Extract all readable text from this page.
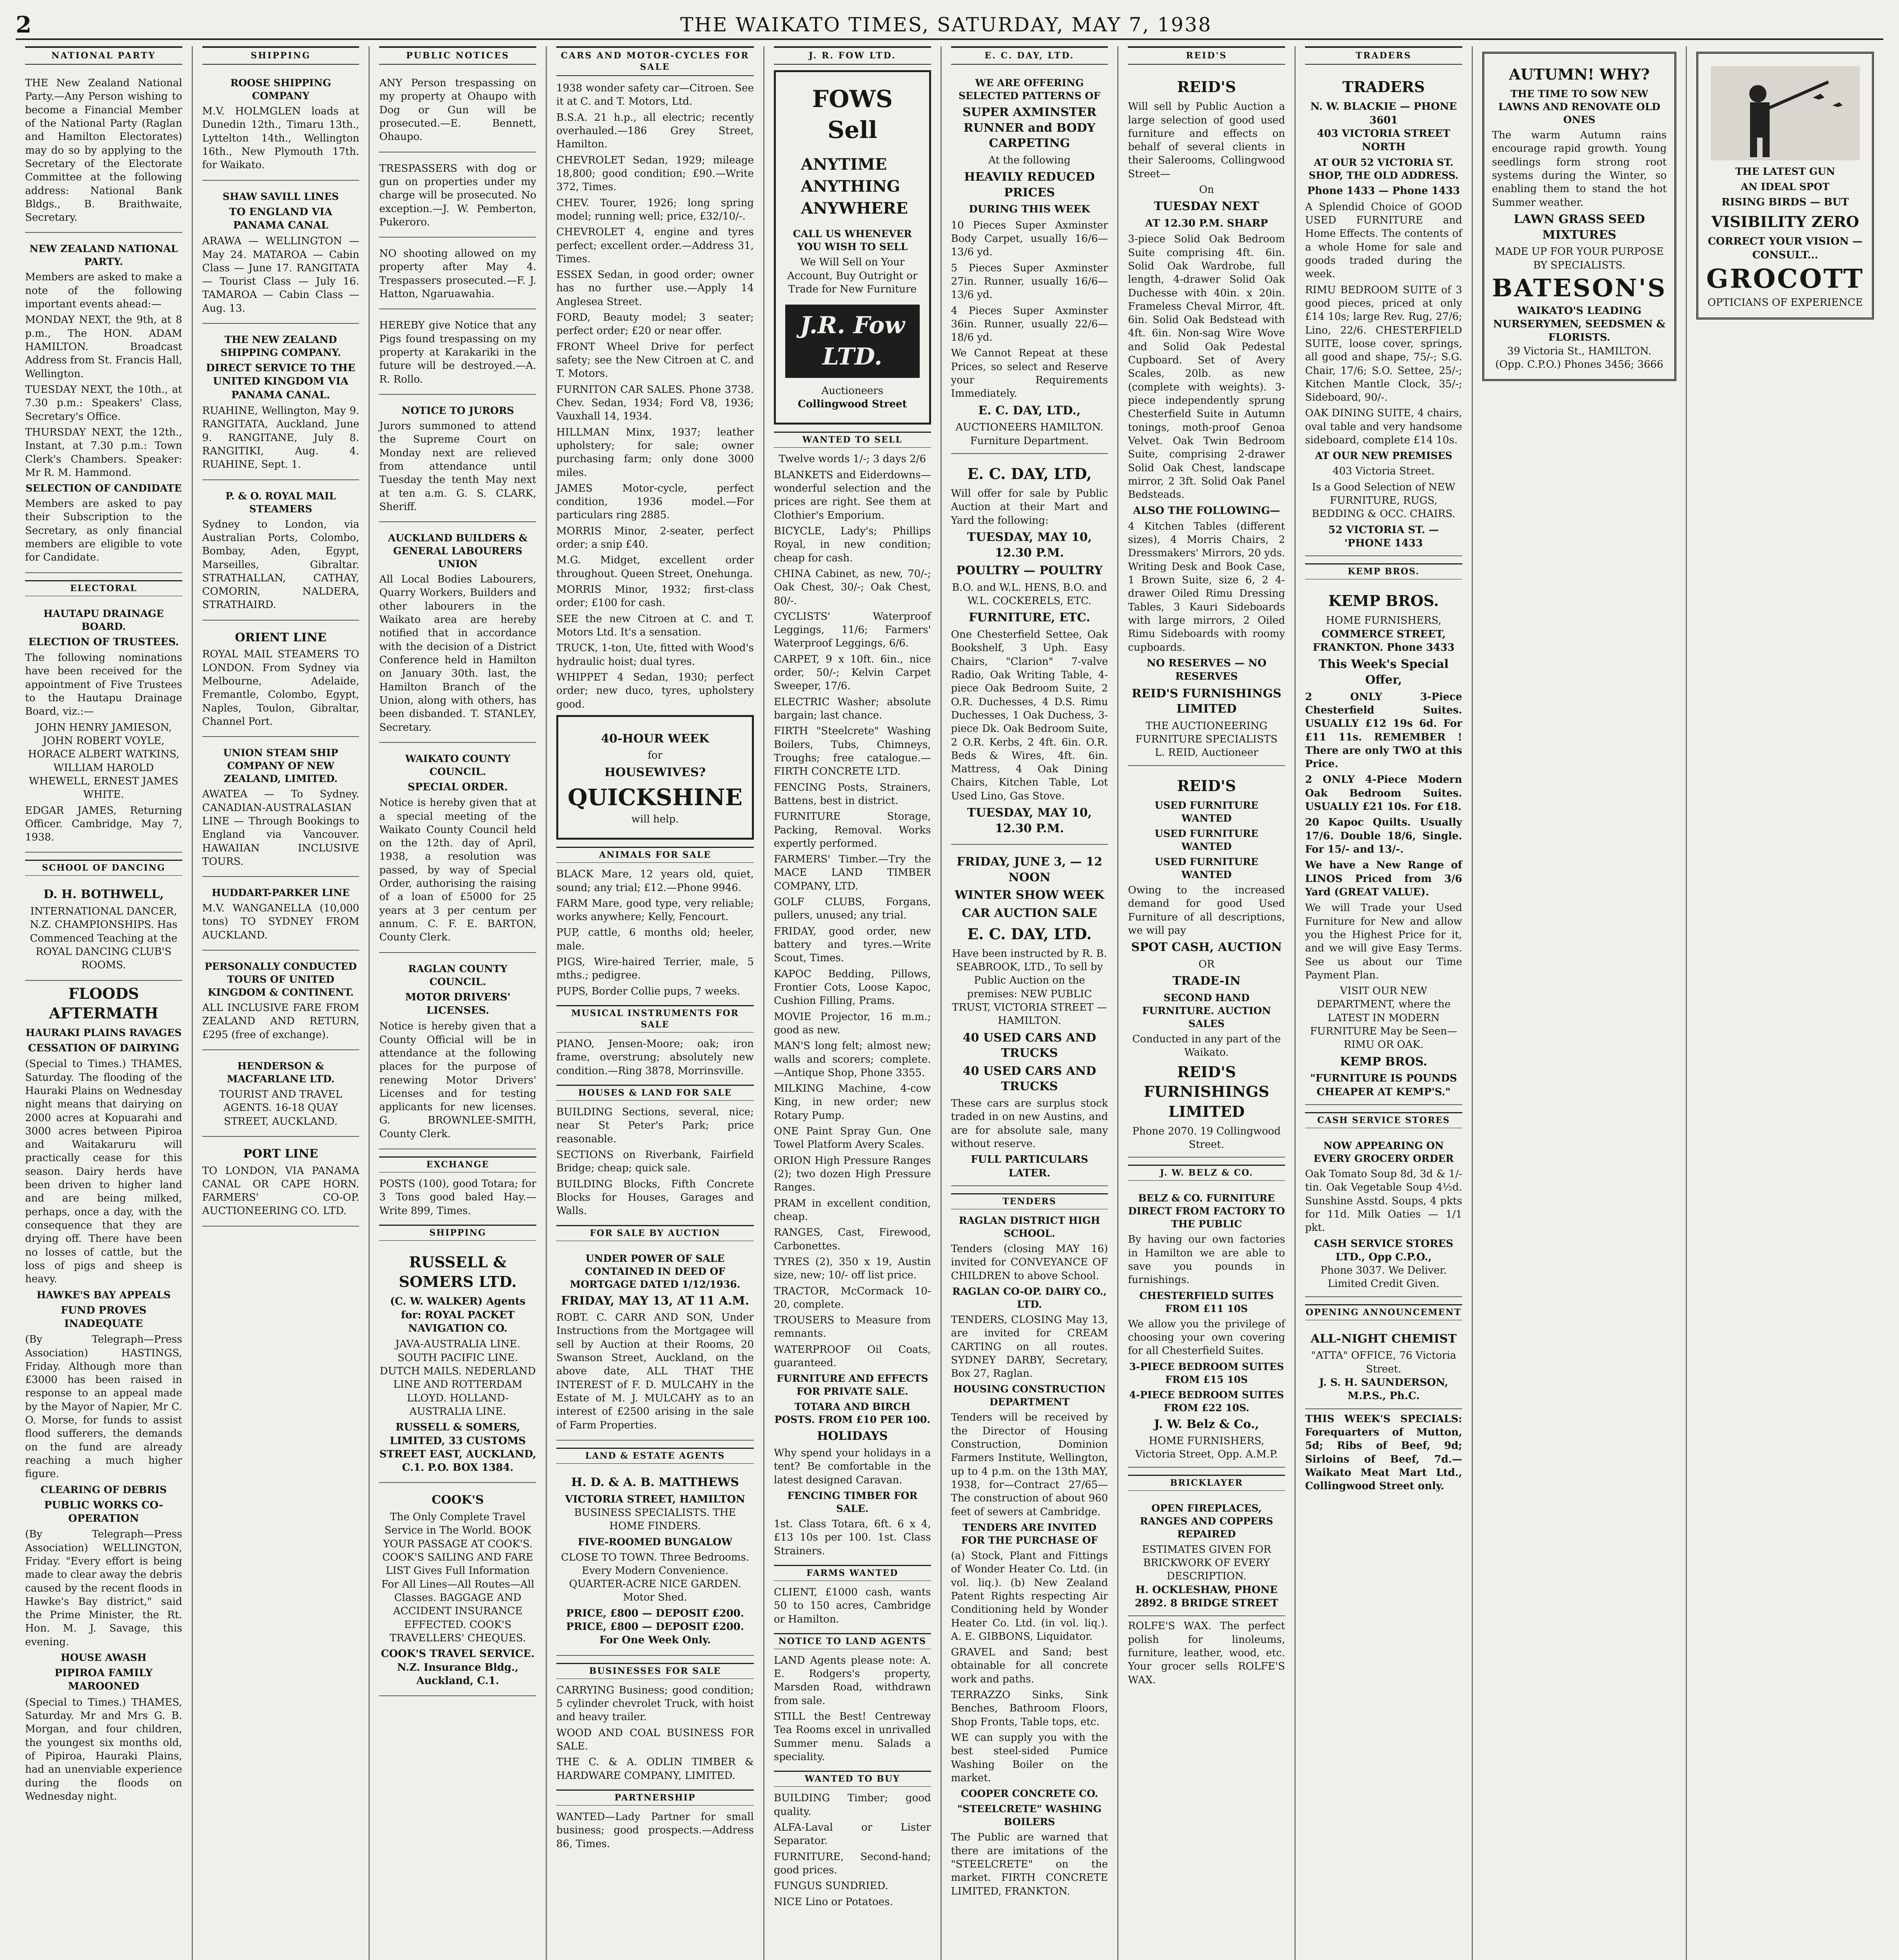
2	THE WAIKATO TIMES, SATURDAY, MAY 7, 1938
NATIONAL PARTY

THE New Zealand National Party.—Any Person wishing to become a Financial Member of the National Party (Raglan and Hamilton Electorates) may do so by applying to the Secretary of the Electorate Committee at the following address: National Bank Bldgs., B. Braithwaite, Secretary.

NEW ZEALAND NATIONAL PARTY.

Members are asked to make a note of the following important events ahead:—

MONDAY NEXT, the 9th, at 8 p.m., The HON. ADAM HAMILTON. Broadcast Address from St. Francis Hall, Wellington.

TUESDAY NEXT, the 10th., at 7.30 p.m.: Speakers' Class, Secretary's Office.

THURSDAY NEXT, the 12th., Instant, at 7.30 p.m.: Town Clerk's Chambers. Speaker: Mr R. M. Hammond.

SELECTION OF CANDIDATE

Members are asked to pay their Subscription to the Secretary, as only financial members are eligible to vote for Candidate.

ELECTORAL
HAUTAPU DRAINAGE BOARD.
ELECTION OF TRUSTEES.

The following nominations have been received for the appointment of Five Trustees to the Hautapu Drainage Board, viz.:—

JOHN HENRY JAMIESON, JOHN ROBERT VOYLE, HORACE ALBERT WATKINS, WILLIAM HAROLD WHEWELL, ERNEST JAMES WHITE.

EDGAR JAMES, Returning Officer. Cambridge, May 7, 1938.

SCHOOL OF DANCING
D. H. BOTHWELL,

INTERNATIONAL DANCER, N.Z. CHAMPIONSHIPS. Has Commenced Teaching at the ROYAL DANCING CLUB'S ROOMS.

FLOODS AFTERMATH
HAURAKI PLAINS RAVAGES
CESSATION OF DAIRYING

(Special to Times.) THAMES, Saturday. The flooding of the Hauraki Plains on Wednesday night means that dairying on 2000 acres at Kopuarahi and 3000 acres between Pipiroa and Waitakaruru will practically cease for this season. Dairy herds have been driven to higher land and are being milked, perhaps, once a day, with the consequence that they are drying off. There have been no losses of cattle, but the loss of pigs and sheep is heavy.

HAWKE'S BAY APPEALS
FUND PROVES INADEQUATE

(By Telegraph—Press Association) HASTINGS, Friday. Although more than £3000 has been raised in response to an appeal made by the Mayor of Napier, Mr C. O. Morse, for funds to assist flood sufferers, the demands on the fund are already reaching a much higher figure.

CLEARING OF DEBRIS
PUBLIC WORKS CO-OPERATION

(By Telegraph—Press Association) WELLINGTON, Friday. "Every effort is being made to clear away the debris caused by the recent floods in Hawke's Bay district," said the Prime Minister, the Rt. Hon. M. J. Savage, this evening.

HOUSE AWASH
PIPIROA FAMILY MAROONED

(Special to Times.) THAMES, Saturday. Mr and Mrs G. B. Morgan, and four children, the youngest six months old, of Pipiroa, Hauraki Plains, had an unenviable experience during the floods on Wednesday night.

SHIPPING
ROOSE SHIPPING COMPANY

M.V. HOLMGLEN loads at Dunedin 12th., Timaru 13th., Lyttelton 14th., Wellington 16th., New Plymouth 17th. for Waikato.

SHAW SAVILL LINES
TO ENGLAND VIA PANAMA CANAL

ARAWA — WELLINGTON — May 24. MATAROA — Cabin Class — June 17. RANGITATA — Tourist Class — July 16. TAMAROA — Cabin Class — Aug. 13.

THE NEW ZEALAND SHIPPING COMPANY.
DIRECT SERVICE TO THE UNITED KINGDOM VIA PANAMA CANAL.

RUAHINE, Wellington, May 9. RANGITATA, Auckland, June 9. RANGITANE, July 8. RANGITIKI, Aug. 4. RUAHINE, Sept. 1.

P. & O. ROYAL MAIL STEAMERS

Sydney to London, via Australian Ports, Colombo, Bombay, Aden, Egypt, Marseilles, Gibraltar. STRATHALLAN, CATHAY, COMORIN, NALDERA, STRATHAIRD.

ORIENT LINE

ROYAL MAIL STEAMERS TO LONDON. From Sydney via Melbourne, Adelaide, Fremantle, Colombo, Egypt, Naples, Toulon, Gibraltar, Channel Port.

UNION STEAM SHIP COMPANY OF NEW ZEALAND, LIMITED.

AWATEA — To Sydney. CANADIAN-AUSTRALASIAN LINE — Through Bookings to England via Vancouver. HAWAIIAN INCLUSIVE TOURS.

HUDDART-PARKER LINE

M.V. WANGANELLA (10,000 tons) TO SYDNEY FROM AUCKLAND.

PERSONALLY CONDUCTED TOURS OF UNITED KINGDOM & CONTINENT.

ALL INCLUSIVE FARE FROM ZEALAND AND RETURN, £295 (free of exchange).

HENDERSON & MACFARLANE LTD.

TOURIST AND TRAVEL AGENTS. 16-18 QUAY STREET, AUCKLAND.

PORT LINE

TO LONDON, VIA PANAMA CANAL OR CAPE HORN. FARMERS' CO-OP. AUCTIONEERING CO. LTD.

PUBLIC NOTICES

ANY Person trespassing on my property at Ohaupo with Dog or Gun will be prosecuted.—E. Bennett, Ohaupo.

TRESPASSERS with dog or gun on properties under my charge will be prosecuted. No exception.—J. W. Pemberton, Pukeroro.

NO shooting allowed on my property after May 4. Trespassers prosecuted.—F. J. Hatton, Ngaruawahia.

HEREBY give Notice that any Pigs found trespassing on my property at Karakariki in the future will be destroyed.—A. R. Rollo.

NOTICE TO JURORS

Jurors summoned to attend the Supreme Court on Monday next are relieved from attendance until Tuesday the tenth May next at ten a.m. G. S. CLARK, Sheriff.

AUCKLAND BUILDERS & GENERAL LABOURERS UNION

All Local Bodies Labourers, Quarry Workers, Builders and other labourers in the Waikato area are hereby notified that in accordance with the decision of a District Conference held in Hamilton on January 30th. last, the Hamilton Branch of the Union, along with others, has been disbanded. T. STANLEY, Secretary.

WAIKATO COUNTY COUNCIL.
SPECIAL ORDER.

Notice is hereby given that at a special meeting of the Waikato County Council held on the 12th. day of April, 1938, a resolution was passed, by way of Special Order, authorising the raising of a loan of £5000 for 25 years at 3 per centum per annum. C. F. E. BARTON, County Clerk.

RAGLAN COUNTY COUNCIL.
MOTOR DRIVERS' LICENSES.

Notice is hereby given that a County Official will be in attendance at the following places for the purpose of renewing Motor Drivers' Licenses and for testing applicants for new licenses. G. BROWNLEE-SMITH, County Clerk.

EXCHANGE

POSTS (100), good Totara; for 3 Tons good baled Hay.—Write 899, Times.

SHIPPING
RUSSELL & SOMERS LTD.
(C. W. WALKER) Agents for: ROYAL PACKET NAVIGATION CO.

JAVA-AUSTRALIA LINE. SOUTH PACIFIC LINE. DUTCH MAILS. NEDERLAND LINE AND ROTTERDAM LLOYD. HOLLAND-AUSTRALIA LINE.

RUSSELL & SOMERS, LIMITED, 33 CUSTOMS STREET EAST, AUCKLAND, C.1. P.O. BOX 1384.

COOK'S

The Only Complete Travel Service in The World. BOOK YOUR PASSAGE AT COOK'S. COOK'S SAILING AND FARE LIST Gives Full Information For All Lines—All Routes—All Classes. BAGGAGE AND ACCIDENT INSURANCE EFFECTED. COOK'S TRAVELLERS' CHEQUES.

COOK'S TRAVEL SERVICE. N.Z. Insurance Bldg., Auckland, C.1.

CARS AND MOTOR-CYCLES FOR SALE

1938 wonder safety car—Citroen. See it at C. and T. Motors, Ltd.

B.S.A. 21 h.p., all electric; recently overhauled.—186 Grey Street, Hamilton.

CHEVROLET Sedan, 1929; mileage 18,800; good condition; £90.—Write 372, Times.

CHEV. Tourer, 1926; long spring model; running well; price, £32/10/-.

CHEVROLET 4, engine and tyres perfect; excellent order.—Address 31, Times.

ESSEX Sedan, in good order; owner has no further use.—Apply 14 Anglesea Street.

FORD, Beauty model; 3 seater; perfect order; £20 or near offer.

FRONT Wheel Drive for perfect safety; see the New Citroen at C. and T. Motors.

FURNITON CAR SALES. Phone 3738. Chev. Sedan, 1934; Ford V8, 1936; Vauxhall 14, 1934.

HILLMAN Minx, 1937; leather upholstery; for sale; owner purchasing farm; only done 3000 miles.

JAMES Motor-cycle, perfect condition, 1936 model.—For particulars ring 2885.

MORRIS Minor, 2-seater, perfect order; a snip £40.

M.G. Midget, excellent order throughout. Queen Street, Onehunga.

MORRIS Minor, 1932; first-class order; £100 for cash.

SEE the new Citroen at C. and T. Motors Ltd. It's a sensation.

TRUCK, 1-ton, Ute, fitted with Wood's hydraulic hoist; dual tyres.

WHIPPET 4 Sedan, 1930; perfect order; new duco, tyres, upholstery good.

40-HOUR WEEK
for
HOUSEWIVES?
QUICKSHINE
will help.
ANIMALS FOR SALE

BLACK Mare, 12 years old, quiet, sound; any trial; £12.—Phone 9946.

FARM Mare, good type, very reliable; works anywhere; Kelly, Fencourt.

PUP, cattle, 6 months old; heeler, male.

PIGS, Wire-haired Terrier, male, 5 mths.; pedigree.

PUPS, Border Collie pups, 7 weeks.

MUSICAL INSTRUMENTS FOR SALE

PIANO, Jensen-Moore; oak; iron frame, overstrung; absolutely new condition.—Ring 3878, Morrinsville.

HOUSES & LAND FOR SALE

BUILDING Sections, several, nice; near St Peter's Park; price reasonable.

SECTIONS on Riverbank, Fairfield Bridge; cheap; quick sale.

BUILDING Blocks, Fifth Concrete Blocks for Houses, Garages and Walls.

FOR SALE BY AUCTION
UNDER POWER OF SALE CONTAINED IN DEED OF MORTGAGE DATED 1/12/1936.
FRIDAY, MAY 13, AT 11 A.M.

ROBT. C. CARR AND SON, Under Instructions from the Mortgagee will sell by Auction at their Rooms, 20 Swanson Street, Auckland, on the above date, ALL THAT THE INTEREST of F. D. MULCAHY in the Estate of M. J. MULCAHY as to an interest of £2500 arising in the sale of Farm Properties.

LAND & ESTATE AGENTS
H. D. & A. B. MATTHEWS
VICTORIA STREET, HAMILTON
BUSINESS SPECIALISTS. THE HOME FINDERS.
FIVE-ROOMED BUNGALOW

CLOSE TO TOWN. Three Bedrooms. Every Modern Convenience. QUARTER-ACRE NICE GARDEN. Motor Shed.

PRICE, £800 — DEPOSIT £200. PRICE, £800 — DEPOSIT £200. For One Week Only.

BUSINESSES FOR SALE

CARRYING Business; good condition; 5 cylinder chevrolet Truck, with hoist and heavy trailer.

WOOD AND COAL BUSINESS FOR SALE.

THE C. & A. ODLIN TIMBER & HARDWARE COMPANY, LIMITED.

PARTNERSHIP

WANTED—Lady Partner for small business; good prospects.—Address 86, Times.

J. R. FOW LTD.
FOWS Sell
ANYTIME
ANYTHING
ANYWHERE
CALL US WHENEVER YOU WISH TO SELL

We Will Sell on Your Account, Buy Outright or Trade for New Furniture

J.R. Fow LTD.
Auctioneers
Collingwood Street
WANTED TO SELL
Twelve words 1/-; 3 days 2/6

BLANKETS and Eiderdowns—wonderful selection and the prices are right. See them at Clothier's Emporium.

BICYCLE, Lady's; Phillips Royal, in new condition; cheap for cash.

CHINA Cabinet, as new, 70/-; Oak Chest, 30/-; Oak Chest, 80/-.

CYCLISTS' Waterproof Leggings, 11/6; Farmers' Waterproof Leggings, 6/6.

CARPET, 9 x 10ft. 6in., nice order, 50/-; Kelvin Carpet Sweeper, 17/6.

ELECTRIC Washer; absolute bargain; last chance.

FIRTH "Steelcrete" Washing Boilers, Tubs, Chimneys, Troughs; free catalogue.—FIRTH CONCRETE LTD.

FENCING Posts, Strainers, Battens, best in district.

FURNITURE Storage, Packing, Removal. Works expertly performed.

FARMERS' Timber.—Try the MACE LAND TIMBER COMPANY, LTD.

GOLF CLUBS, Forgans, pullers, unused; any trial.

FRIDAY, good order, new battery and tyres.—Write Scout, Times.

KAPOC Bedding, Pillows, Frontier Cots, Loose Kapoc, Cushion Filling, Prams.

MOVIE Projector, 16 m.m.; good as new.

MAN'S long felt; almost new; walls and scorers; complete.—Antique Shop, Phone 3355.

MILKING Machine, 4-cow King, in new order; new Rotary Pump.

ONE Paint Spray Gun. One Towel Platform Avery Scales.

ORION High Pressure Ranges (2); two dozen High Pressure Ranges.

PRAM in excellent condition, cheap.

RANGES, Cast, Firewood, Carbonettes.

TYRES (2), 350 x 19, Austin size, new; 10/- off list price.

TRACTOR, McCormack 10-20, complete.

TROUSERS to Measure from remnants.

WATERPROOF Oil Coats, guaranteed.

FURNITURE AND EFFECTS FOR PRIVATE SALE.
TOTARA AND BIRCH POSTS. FROM £10 PER 100.
HOLIDAYS

Why spend your holidays in a tent? Be comfortable in the latest designed Caravan.

FENCING TIMBER FOR SALE.

1st. Class Totara, 6ft. 6 x 4, £13 10s per 100. 1st. Class Strainers.

FARMS WANTED

CLIENT, £1000 cash, wants 50 to 150 acres, Cambridge or Hamilton.

NOTICE TO LAND AGENTS

LAND Agents please note: A. E. Rodgers's property, Marsden Road, withdrawn from sale.

STILL the Best! Centreway Tea Rooms excel in unrivalled Summer menu. Salads a speciality.

WANTED TO BUY

BUILDING Timber; good quality.

ALFA-Laval or Lister Separator.

FURNITURE, Second-hand; good prices.

FUNGUS SUNDRIED.

NICE Lino or Potatoes.

E. C. DAY, LTD.
WE ARE OFFERING SELECTED PATTERNS OF
SUPER AXMINSTER RUNNER and BODY CARPETING
At the following
HEAVILY REDUCED PRICES
DURING THIS WEEK

10 Pieces Super Axminster Body Carpet, usually 16/6—13/6 yd.

5 Pieces Super Axminster 27in. Runner, usually 16/6—13/6 yd.

4 Pieces Super Axminster 36in. Runner, usually 22/6—18/6 yd.

We Cannot Repeat at these Prices, so select and Reserve your Requirements Immediately.

E. C. DAY, LTD.,
AUCTIONEERS HAMILTON. Furniture Department.
E. C. DAY, LTD,

Will offer for sale by Public Auction at their Mart and Yard the following:

TUESDAY, MAY 10, 12.30 P.M.
POULTRY — POULTRY

B.O. and W.L. HENS, B.O. and W.L. COCKERELS, ETC.

FURNITURE, ETC.

One Chesterfield Settee, Oak Bookshelf, 3 Uph. Easy Chairs, "Clarion" 7-valve Radio, Oak Writing Table, 4-piece Oak Bedroom Suite, 2 O.R. Duchesses, 4 D.S. Rimu Duchesses, 1 Oak Duchess, 3-piece Dk. Oak Bedroom Suite, 2 O.R. Kerbs, 2 4ft. 6in. O.R. Beds & Wires, 4ft. 6in. Mattress, 4 Oak Dining Chairs, Kitchen Table, Lot Used Lino, Gas Stove.

TUESDAY, MAY 10, 12.30 P.M.
FRIDAY, JUNE 3, — 12 NOON
WINTER SHOW WEEK
CAR AUCTION SALE
E. C. DAY, LTD.

Have been instructed by R. B. SEABROOK, LTD., To sell by Public Auction on the premises: NEW PUBLIC TRUST, VICTORIA STREET — HAMILTON.

40 USED CARS AND TRUCKS
40 USED CARS AND TRUCKS

These cars are surplus stock traded in on new Austins, and are for absolute sale, many without reserve.

FULL PARTICULARS LATER.
TENDERS
RAGLAN DISTRICT HIGH SCHOOL.

Tenders (closing MAY 16) invited for CONVEYANCE OF CHILDREN to above School.

RAGLAN CO-OP. DAIRY CO., LTD.

TENDERS, CLOSING May 13, are invited for CREAM CARTING on all routes. SYDNEY DARBY, Secretary, Box 27, Raglan.

HOUSING CONSTRUCTION DEPARTMENT

Tenders will be received by the Director of Housing Construction, Dominion Farmers Institute, Wellington, up to 4 p.m. on the 13th MAY, 1938, for—Contract 27/65—The construction of about 960 feet of sewers at Cambridge.

TENDERS ARE INVITED FOR THE PURCHASE OF

(a) Stock, Plant and Fittings of Wonder Heater Co. Ltd. (in vol. liq.). (b) New Zealand Patent Rights respecting Air Conditioning held by Wonder Heater Co. Ltd. (in vol. liq.). A. E. GIBBONS, Liquidator.

GRAVEL and Sand; best obtainable for all concrete work and paths.

TERRAZZO Sinks, Sink Benches, Bathroom Floors, Shop Fronts, Table tops, etc.

WE can supply you with the best steel-sided Pumice Washing Boiler on the market.

COOPER CONCRETE CO.
"STEELCRETE" WASHING BOILERS

The Public are warned that there are imitations of the "STEELCRETE" on the market. FIRTH CONCRETE LIMITED, FRANKTON.

REID'S
REID'S

Will sell by Public Auction a large selection of good used furniture and effects on behalf of several clients in their Salerooms, Collingwood Street—

On
TUESDAY NEXT
AT 12.30 P.M. SHARP

3-piece Solid Oak Bedroom Suite comprising 4ft. 6in. Solid Oak Wardrobe, full length, 4-drawer Solid Oak Duchesse with 40in. x 20in. Frameless Cheval Mirror, 4ft. 6in. Solid Oak Bedstead with 4ft. 6in. Non-sag Wire Wove and Solid Oak Pedestal Cupboard. Set of Avery Scales, 20lb. as new (complete with weights). 3-piece independently sprung Chesterfield Suite in Autumn tonings, moth-proof Genoa Velvet. Oak Twin Bedroom Suite, comprising 2-drawer Solid Oak Chest, landscape mirror, 2 3ft. Solid Oak Panel Bedsteads.

ALSO THE FOLLOWING—

4 Kitchen Tables (different sizes), 4 Morris Chairs, 2 Dressmakers' Mirrors, 20 yds. Writing Desk and Book Case, 1 Brown Suite, size 6, 2 4-drawer Oiled Rimu Dressing Tables, 3 Kauri Sideboards with large mirrors, 2 Oiled Rimu Sideboards with roomy cupboards.

NO RESERVES — NO RESERVES
REID'S FURNISHINGS LIMITED
THE AUCTIONEERING FURNITURE SPECIALISTS
L. REID, Auctioneer
REID'S
USED FURNITURE WANTED
USED FURNITURE WANTED
USED FURNITURE WANTED

Owing to the increased demand for good Used Furniture of all descriptions, we will pay

SPOT CASH, AUCTION
OR
TRADE-IN
SECOND HAND FURNITURE. AUCTION SALES
Conducted in any part of the Waikato.
REID'S FURNISHINGS LIMITED
Phone 2070. 19 Collingwood Street.
J. W. BELZ & CO.
BELZ & CO. FURNITURE DIRECT FROM FACTORY TO THE PUBLIC

By having our own factories in Hamilton we are able to save you pounds in furnishings.

CHESTERFIELD SUITES FROM £11 10S

We allow you the privilege of choosing your own covering for all Chesterfield Suites.

3-PIECE BEDROOM SUITES FROM £15 10S
4-PIECE BEDROOM SUITES FROM £22 10S.
J. W. Belz & Co.,
HOME FURNISHERS, Victoria Street, Opp. A.M.P.
BRICKLAYER
OPEN FIREPLACES, RANGES AND COPPERS REPAIRED
ESTIMATES GIVEN FOR BRICKWORK OF EVERY DESCRIPTION.
H. OCKLESHAW, PHONE 2892. 8 BRIDGE STREET

ROLFE'S WAX. The perfect polish for linoleums, furniture, leather, wood, etc. Your grocer sells ROLFE'S WAX.

TRADERS
TRADERS
N. W. BLACKIE — PHONE 3601
403 VICTORIA STREET NORTH
AT OUR 52 VICTORIA ST. SHOP, THE OLD ADDRESS.
Phone 1433 — Phone 1433

A Splendid Choice of GOOD USED FURNITURE and Home Effects. The contents of a whole Home for sale and goods traded during the week.

RIMU BEDROOM SUITE of 3 good pieces, priced at only £14 10s; large Rev. Rug, 27/6; Lino, 22/6. CHESTERFIELD SUITE, loose cover, springs, all good and shape, 75/-; S.G. Chair, 17/6; S.O. Settee, 25/-; Kitchen Mantle Clock, 35/-; Sideboard, 90/-.

OAK DINING SUITE, 4 chairs, oval table and very handsome sideboard, complete £14 10s.

AT OUR NEW PREMISES
403 Victoria Street.

Is a Good Selection of NEW FURNITURE, RUGS, BEDDING & OCC. CHAIRS.

52 VICTORIA ST. — 'PHONE 1433
KEMP BROS.
KEMP BROS.
HOME FURNISHERS,
COMMERCE STREET, FRANKTON. Phone 3433
This Week's Special Offer,

2 ONLY 3-Piece Chesterfield Suites. USUALLY £12 19s 6d. For £11 11s. REMEMBER ! There are only TWO at this Price.

2 ONLY 4-Piece Modern Oak Bedroom Suites. USUALLY £21 10s. For £18.

20 Kapoc Quilts. Usually 17/6. Double 18/6, Single. For 15/- and 13/-.

We have a New Range of LINOS Priced from 3/6 Yard (GREAT VALUE).

We will Trade your Used Furniture for New and allow you the Highest Price for it, and we will give Easy Terms. See us about our Time Payment Plan.

VISIT OUR NEW DEPARTMENT, where the LATEST IN MODERN FURNITURE May be Seen—RIMU OR OAK.

KEMP BROS.
"FURNITURE IS POUNDS CHEAPER AT KEMP'S."
CASH SERVICE STORES
NOW APPEARING ON EVERY GROCERY ORDER

Oak Tomato Soup 8d, 3d & 1/- tin. Oak Vegetable Soup 4½d. Sunshine Asstd. Soups, 4 pkts for 11d. Milk Oaties — 1/1 pkt.

CASH SERVICE STORES LTD., Opp C.P.O.,
Phone 3037. We Deliver. Limited Credit Given.
OPENING ANNOUNCEMENT
ALL-NIGHT CHEMIST
"ATTA" OFFICE, 76 Victoria Street.
J. S. H. SAUNDERSON, M.P.S., Ph.C.

THIS WEEK'S SPECIALS: Forequarters of Mutton, 5d; Ribs of Beef, 9d; Sirloins of Beef, 7d.—Waikato Meat Mart Ltd., Collingwood Street only.

AUTUMN! WHY?
THE TIME TO SOW NEW LAWNS AND RENOVATE OLD ONES

The warm Autumn rains encourage rapid growth. Young seedlings form strong root systems during the Winter, so enabling them to stand the hot Summer weather.

LAWN GRASS SEED MIXTURES
MADE UP FOR YOUR PURPOSE BY SPECIALISTS.
BATESON'S
WAIKATO'S LEADING NURSERYMEN, SEEDSMEN & FLORISTS.
39 Victoria St., HAMILTON. (Opp. C.P.O.) Phones 3456; 3666
THE LATEST GUN
AN IDEAL SPOT
RISING BIRDS — BUT
VISIBILITY ZERO
CORRECT YOUR VISION — CONSULT...
GROCOTT
OPTICIANS OF EXPERIENCE
